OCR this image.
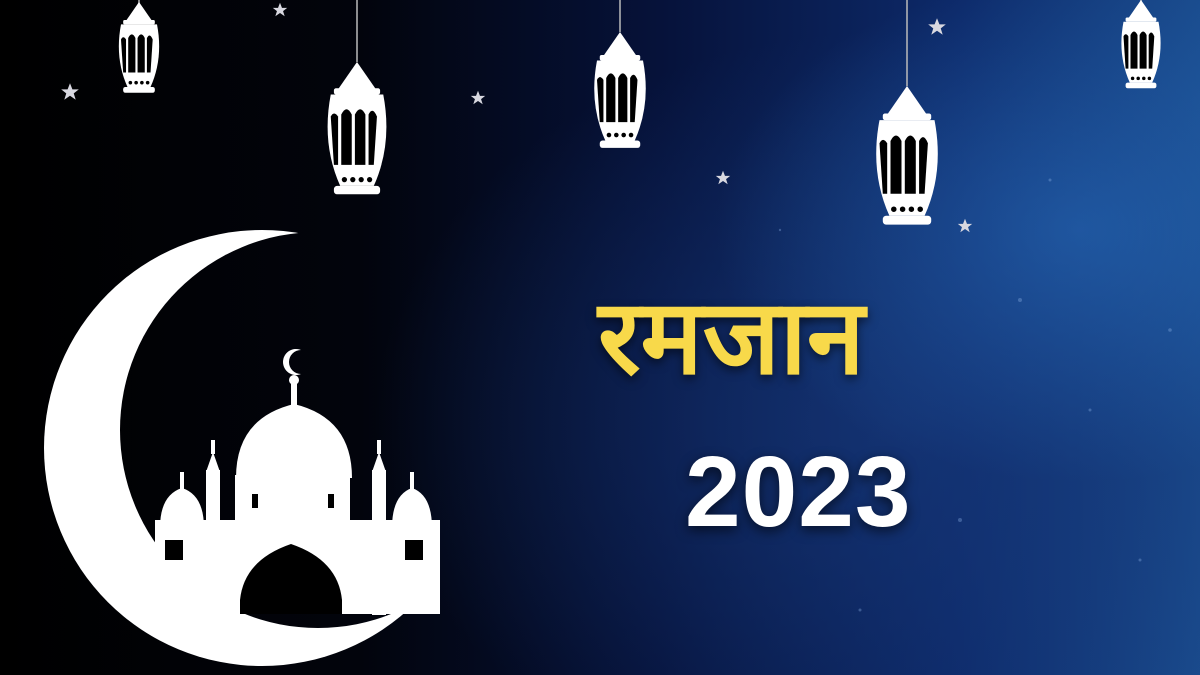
रमजान
2023
